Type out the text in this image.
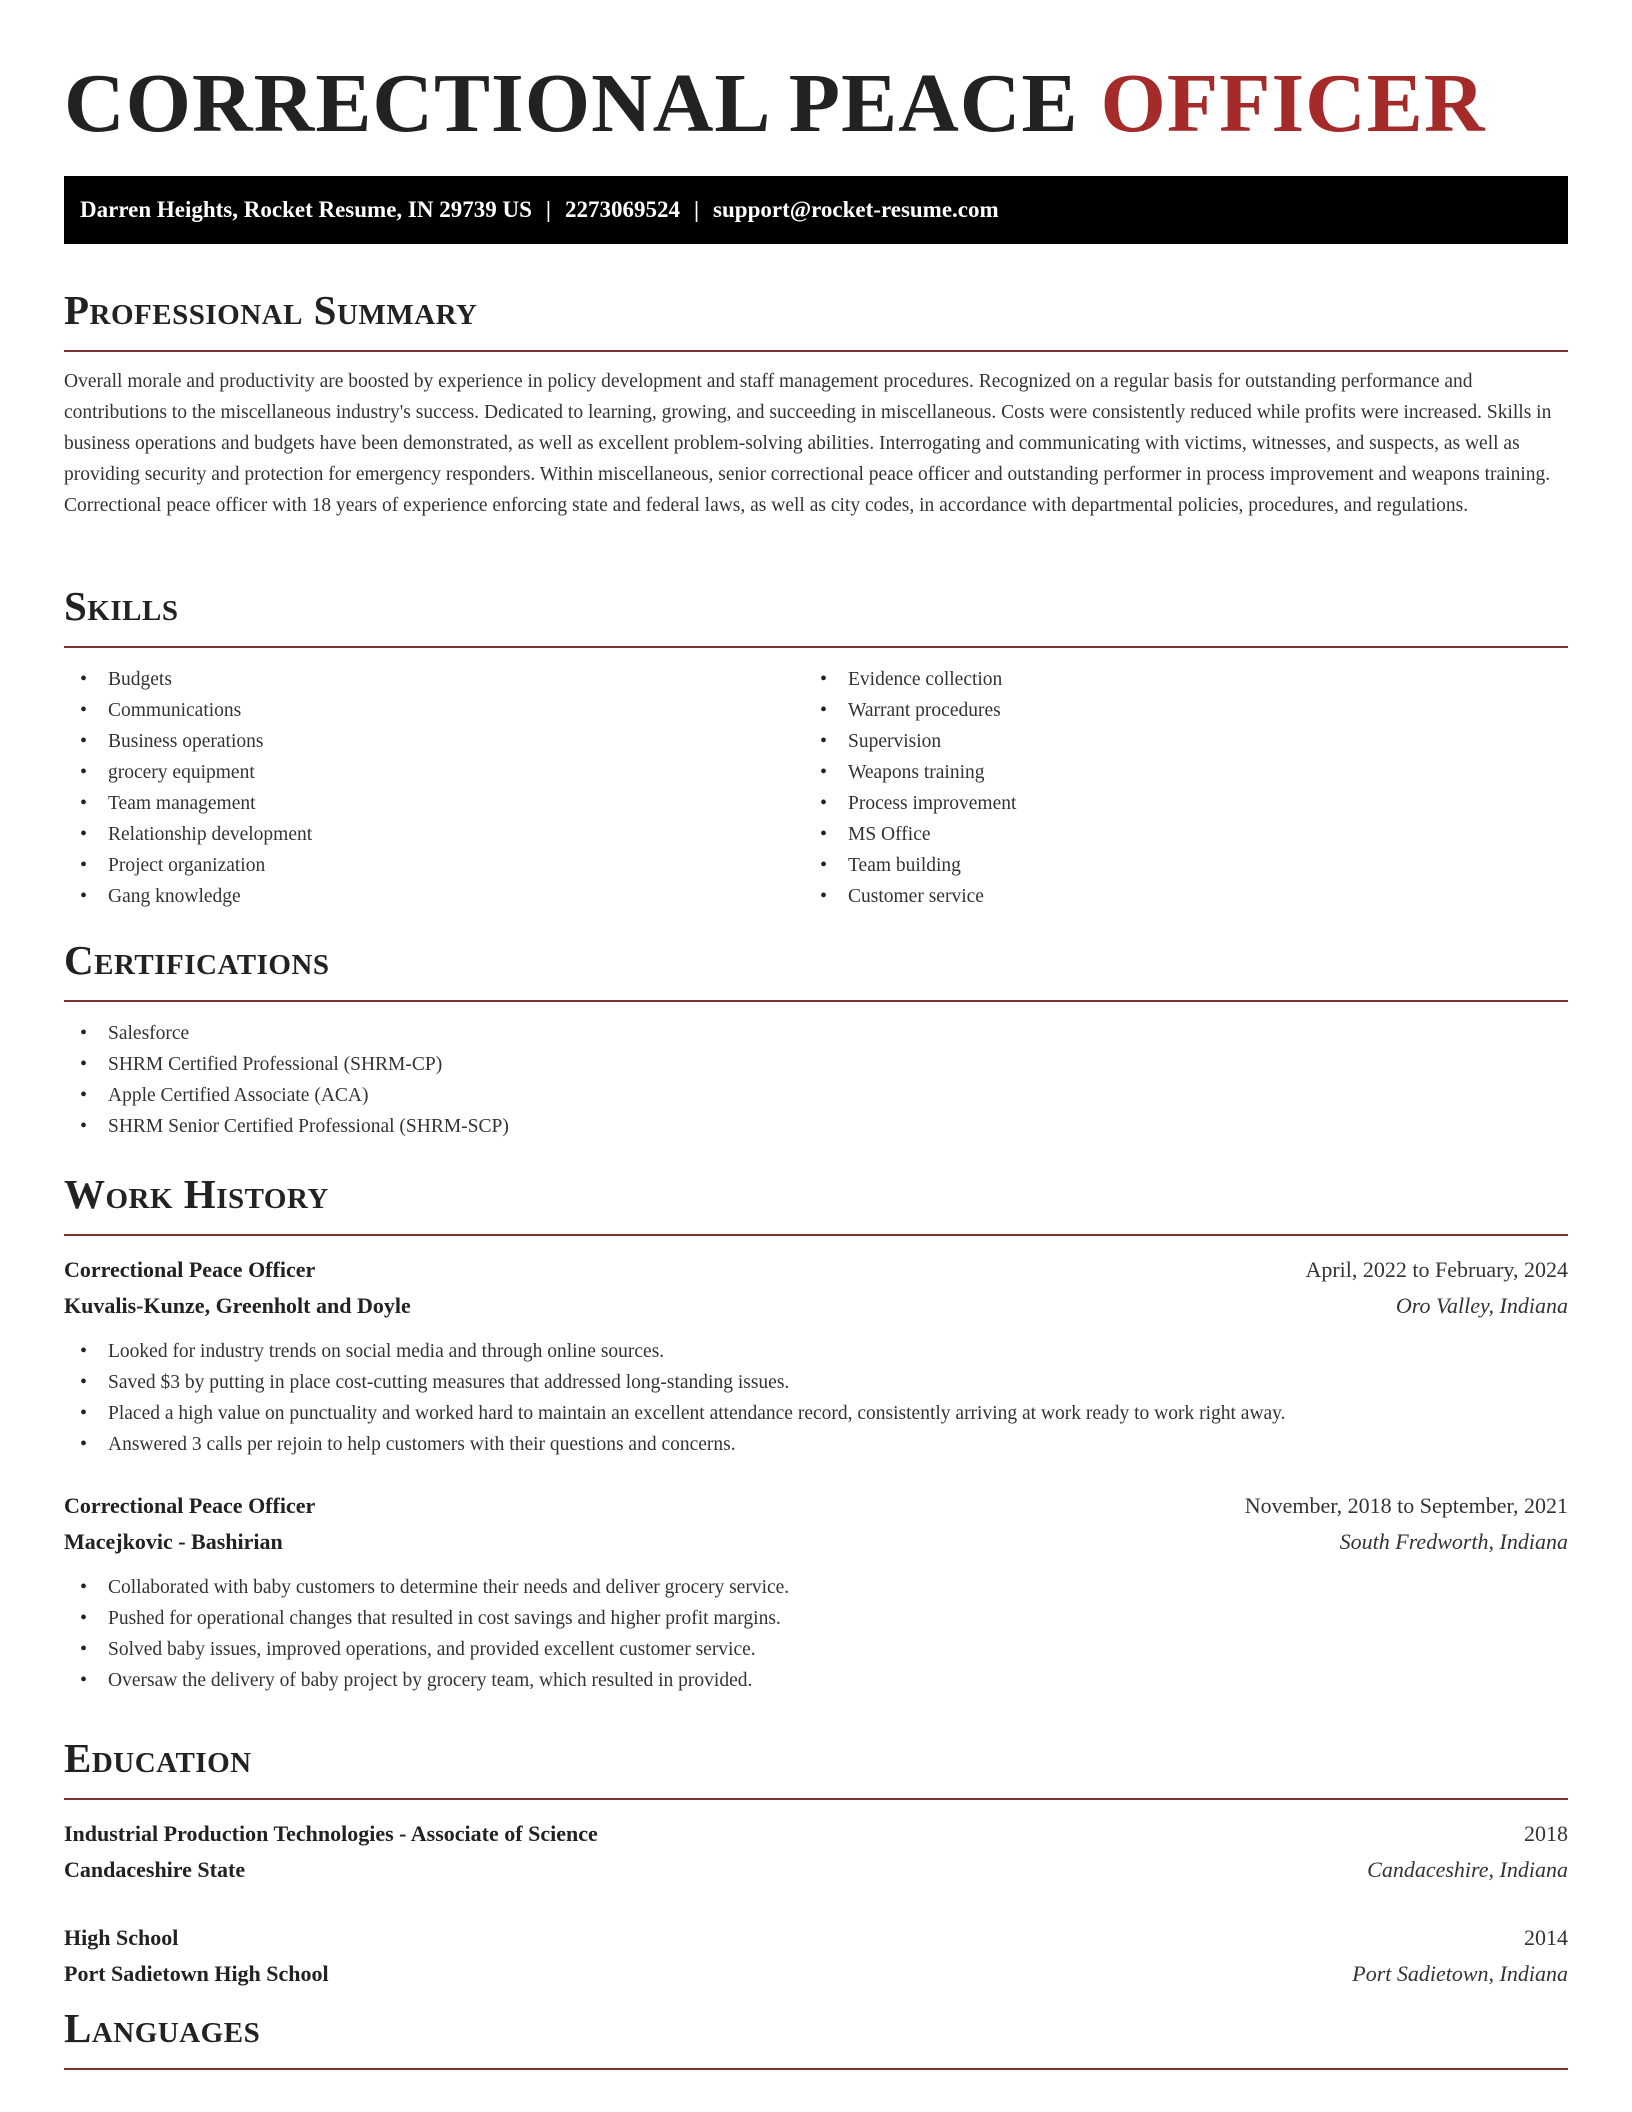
CORRECTIONAL PEACE OFFICER
Darren Heights, Rocket Resume, IN 29739 US | 2273069524 | support@rocket-resume.com
Professional Summary

Overall morale and productivity are boosted by experience in policy development and staff management procedures. Recognized on a regular basis for outstanding performance and contributions to the miscellaneous industry's success. Dedicated to learning, growing, and succeeding in miscellaneous. Costs were consistently reduced while profits were increased. Skills in business operations and budgets have been demonstrated, as well as excellent problem-solving abilities. Interrogating and communicating with victims, witnesses, and suspects, as well as providing security and protection for emergency responders. Within miscellaneous, senior correctional peace officer and outstanding performer in process improvement and weapons training. Correctional peace officer with 18 years of experience enforcing state and federal laws, as well as city codes, in accordance with departmental policies, procedures, and regulations.

Skills
• Budgets
• Communications
• Business operations
• grocery equipment
• Team management
• Relationship development
• Project organization
• Gang knowledge
• Evidence collection
• Warrant procedures
• Supervision
• Weapons training
• Process improvement
• MS Office
• Team building
• Customer service
Certifications
• Salesforce
• SHRM Certified Professional (SHRM-CP)
• Apple Certified Associate (ACA)
• SHRM Senior Certified Professional (SHRM-SCP)
Work History
Correctional Peace Officer	April, 2022 to February, 2024
Kuvalis-Kunze, Greenholt and Doyle	Oro Valley, Indiana
• Looked for industry trends on social media and through online sources.
• Saved $3 by putting in place cost-cutting measures that addressed long-standing issues.
• Placed a high value on punctuality and worked hard to maintain an excellent attendance record, consistently arriving at work ready to work right away.
• Answered 3 calls per rejoin to help customers with their questions and concerns.
Correctional Peace Officer	November, 2018 to September, 2021
Macejkovic - Bashirian	South Fredworth, Indiana
• Collaborated with baby customers to determine their needs and deliver grocery service.
• Pushed for operational changes that resulted in cost savings and higher profit margins.
• Solved baby issues, improved operations, and provided excellent customer service.
• Oversaw the delivery of baby project by grocery team, which resulted in provided.
Education
Industrial Production Technologies - Associate of Science	2018
Candaceshire State	Candaceshire, Indiana
High School	2014
Port Sadietown High School	Port Sadietown, Indiana
Languages
